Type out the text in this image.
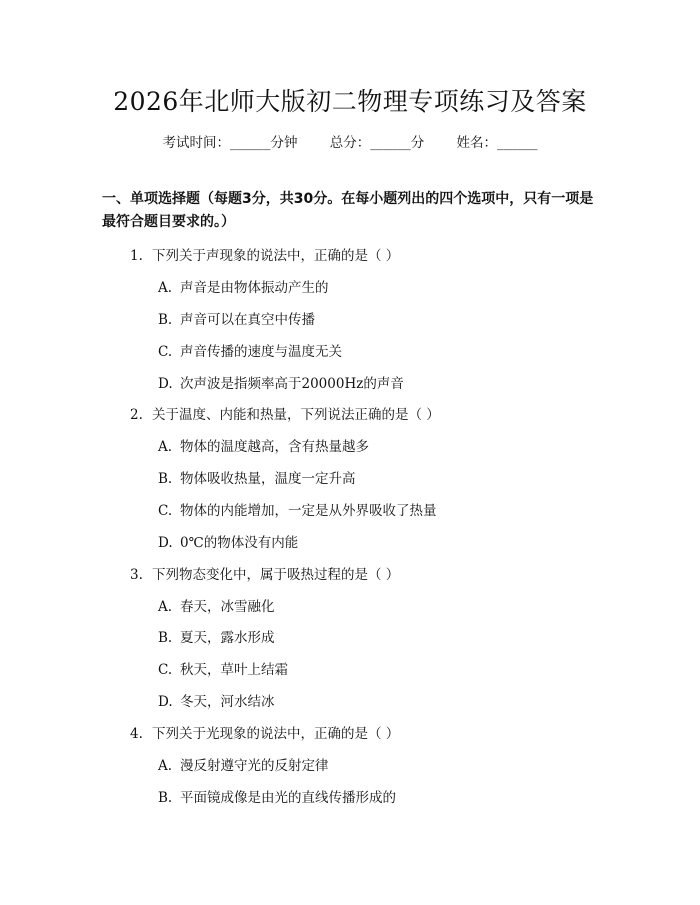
2026年北师大版初二物理专项练习及答案
考试时间：______分钟 总分：______分 姓名：______
一、单项选择题（每题3分，共30分。在每小题列出的四个选项中，只有一项是最符合题目要求的。）
1. 下列关于声现象的说法中，正确的是（ ）
A. 声音是由物体振动产生的
B. 声音可以在真空中传播
C. 声音传播的速度与温度无关
D. 次声波是指频率高于20000Hz的声音
2. 关于温度、内能和热量，下列说法正确的是（ ）
A. 物体的温度越高，含有热量越多
B. 物体吸收热量，温度一定升高
C. 物体的内能增加，一定是从外界吸收了热量
D. 0℃的物体没有内能
3. 下列物态变化中，属于吸热过程的是（ ）
A. 春天，冰雪融化
B. 夏天，露水形成
C. 秋天，草叶上结霜
D. 冬天，河水结冰
4. 下列关于光现象的说法中，正确的是（ ）
A. 漫反射遵守光的反射定律
B. 平面镜成像是由光的直线传播形成的
